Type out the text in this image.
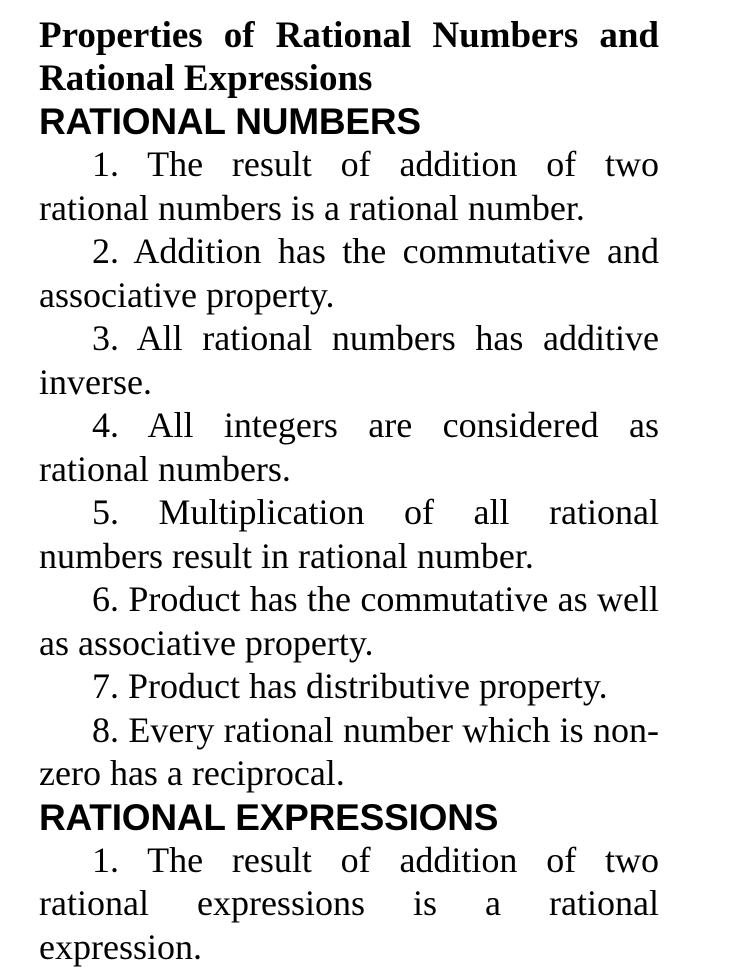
Properties of Rational Numbers and
Rational Expressions
RATIONAL NUMBERS

1. The result of addition of two rational numbers is a rational number.

2. Addition has the commutative and associative property.

3. All rational numbers has additive inverse.

4. All integers are considered as rational numbers.

5. Multiplication of all rational numbers result in rational number.

6. Product has the commutative as well as associative property.

7. Product has distributive property.

8. Every rational number which is non-zero has a reciprocal.

RATIONAL EXPRESSIONS

1. The result of addition of two rational expressions is a rational expression.
